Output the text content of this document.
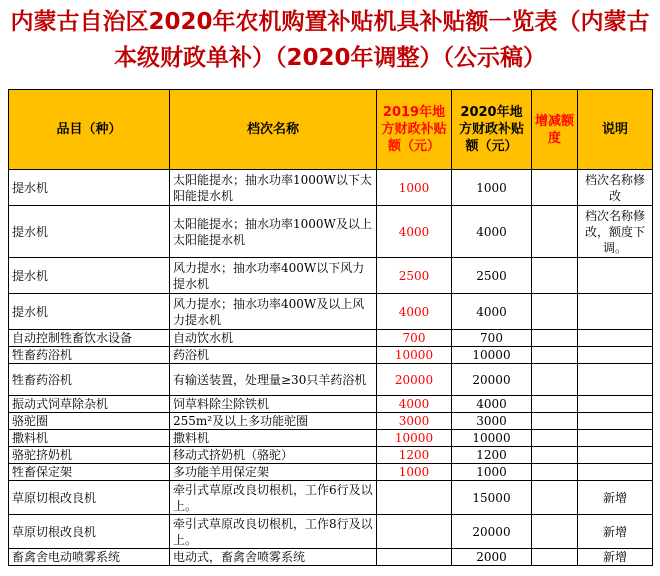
内蒙古自治区2020年农机购置补贴机具补贴额一览表（内蒙古本级财政单补）（2020年调整）（公示稿）
品目（种）	档次名称	2019年地方财政补贴额（元）	2020年地方财政补贴额（元）	增减额度	说明
提水机	太阳能提水；抽水功率1000W以下太阳能提水机	1000	1000		档次名称修改
提水机	太阳能提水；抽水功率1000W及以上太阳能提水机	4000	4000		档次名称修改，额度下调。
提水机	风力提水；抽水功率400W以下风力提水机	2500	2500		
提水机	风力提水；抽水功率400W及以上风力提水机	4000	4000		
自动控制牲畜饮水设备	自动饮水机	700	700		
牲畜药浴机	药浴机	10000	10000		
牲畜药浴机	有输送装置，处理量≥30只羊药浴机	20000	20000		
振动式饲草除杂机	饲草料除尘除铁机	4000	4000		
骆驼圈	255m²及以上多功能驼圈	3000	3000		
撒料机	撒料机	10000	10000		
骆驼挤奶机	移动式挤奶机（骆驼）	1200	1200		
牲畜保定架	多功能羊用保定架	1000	1000		
草原切根改良机	牵引式草原改良切根机，工作6行及以上。		15000		新增
草原切根改良机	牵引式草原改良切根机，工作8行及以上。		20000		新增
畜禽舍电动喷雾系统	电动式，畜禽舍喷雾系统		2000		新增
